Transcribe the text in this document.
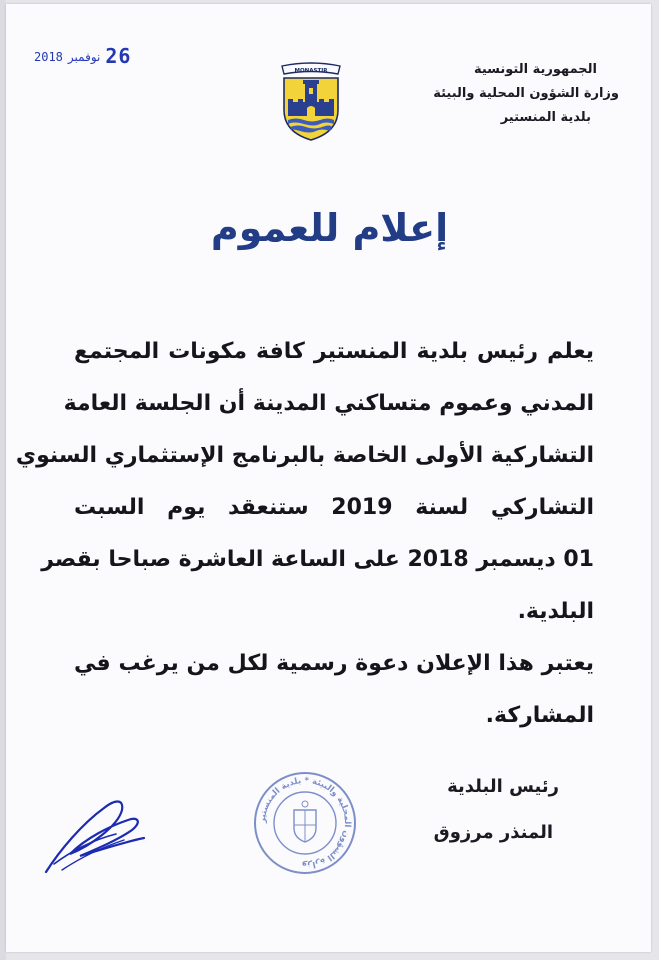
2018 نوفمبر 26
MONASTIR	الجمهورية التونسية
وزارة الشؤون المحلية والبيئة
بلدية المنستير
إعلام للعموم
يعلم رئيس بلدية المنستير كافة مكونات المجتمع
المدني وعموم متساكني المدينة أن الجلسة العامة
التشاركية الأولى الخاصة بالبرنامج الإستثماري السنوي
التشاركي لسنة 2019 ستنعقد يوم السبت
01 ديسمبر 2018 على الساعة العاشرة صباحا بقصر
البلدية.
يعتبر هذا الإعلان دعوة رسمية لكل من يرغب في
المشاركة.
وزارة الشؤون المحلية والبيئة * بلدية المنستير
رئيس البلدية
المنذر مرزوق
